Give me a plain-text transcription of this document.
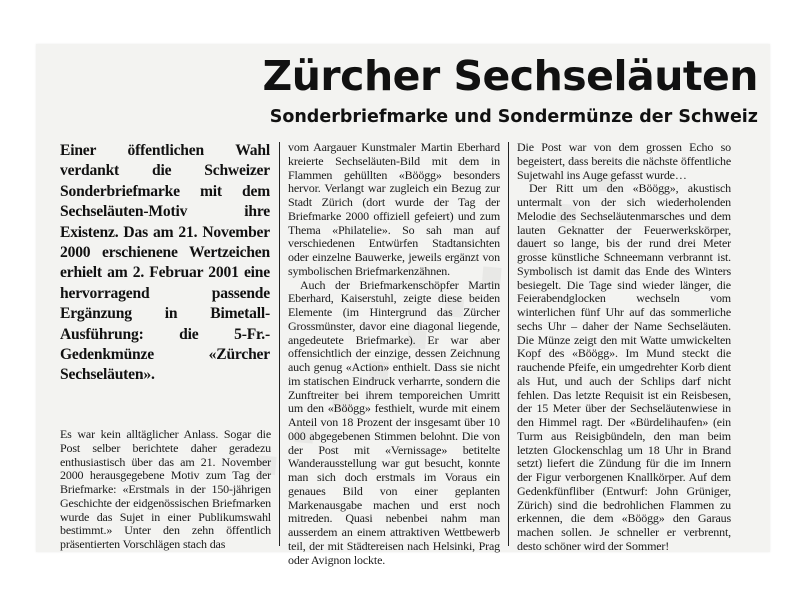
Zürcher Sechseläuten
Sonderbriefmarke und Sondermünze der Schweiz
Einer öffentlichen Wahl verdankt die Schweizer Sonderbriefmarke mit dem Sechseläuten-Motiv ihre Existenz. Das am 21. November 2000 erschienene Wertzeichen erhielt am 2. Februar 2001 eine hervorragend passende Ergänzung in Bimetall-Ausführung: die 5-Fr.-Gedenkmünze «Zürcher Sechseläuten».

Es war kein alltäglicher Anlass. Sogar die Post selber berichtete daher geradezu enthusiastisch über das am 21. November 2000 herausgegebene Motiv zum Tag der Briefmarke: «Erstmals in der 150-jährigen Geschichte der eidgenössischen Briefmarken wurde das Sujet in einer Publikumswahl bestimmt.» Unter den zehn öffentlich präsentierten Vorschlägen stach das

vom Aargauer Kunstmaler Martin Eberhard kreierte Sechseläuten-Bild mit dem in Flammen gehüllten «Böögg» besonders hervor. Verlangt war zugleich ein Bezug zur Stadt Zürich (dort wurde der Tag der Briefmarke 2000 offiziell gefeiert) und zum Thema «Philatelie». So sah man auf verschiedenen Entwürfen Stadtansichten oder einzelne Bauwerke, jeweils ergänzt von symbolischen Briefmarkenzähnen.

Auch der Briefmarkenschöpfer Martin Eberhard, Kaiserstuhl, zeigte diese beiden Elemente (im Hintergrund das Zürcher Grossmünster, davor eine diagonal liegende, angedeutete Briefmarke). Er war aber offensichtlich der einzige, dessen Zeichnung auch genug «Action» enthielt. Dass sie nicht im statischen Eindruck verharrte, sondern die Zunftreiter bei ihrem temporeichen Umritt um den «Böögg» festhielt, wurde mit einem Anteil von 18 Prozent der insgesamt über 10 000 abgegebenen Stimmen belohnt. Die von der Post mit «Vernissage» betitelte Wanderausstellung war gut besucht, konnte man sich doch erstmals im Voraus ein genaues Bild von einer geplanten Markenausgabe machen und erst noch mitreden. Quasi nebenbei nahm man ausserdem an einem attraktiven Wettbewerb teil, der mit Städtereisen nach Helsinki, Prag oder Avignon lockte.

Die Post war von dem grossen Echo so begeistert, dass bereits die nächste öffentliche Sujetwahl ins Auge gefasst wurde…

Der Ritt um den «Böögg», akustisch untermalt von der sich wiederholenden Melodie des Sechseläutenmarsches und dem lauten Geknatter der Feuerwerkskörper, dauert so lange, bis der rund drei Meter grosse künstliche Schneemann verbrannt ist. Symbolisch ist damit das Ende des Winters besiegelt. Die Tage sind wieder länger, die Feierabendglocken wechseln vom winterlichen fünf Uhr auf das sommerliche sechs Uhr – daher der Name Sechseläuten. Die Münze zeigt den mit Watte umwickelten Kopf des «Böögg». Im Mund steckt die rauchende Pfeife, ein umgedrehter Korb dient als Hut, und auch der Schlips darf nicht fehlen. Das letzte Requisit ist ein Reisbesen, der 15 Meter über der Sechseläutenwiese in den Himmel ragt. Der «Bürdelihaufen» (ein Turm aus Reisigbündeln, den man beim letzten Glockenschlag um 18 Uhr in Brand setzt) liefert die Zündung für die im Innern der Figur verborgenen Knallkörper. Auf dem Gedenkfünfliber (Entwurf: John Grüniger, Zürich) sind die bedrohlichen Flammen zu erkennen, die dem «Böögg» den Garaus machen sollen. Je schneller er verbrennt, desto schöner wird der Sommer!
